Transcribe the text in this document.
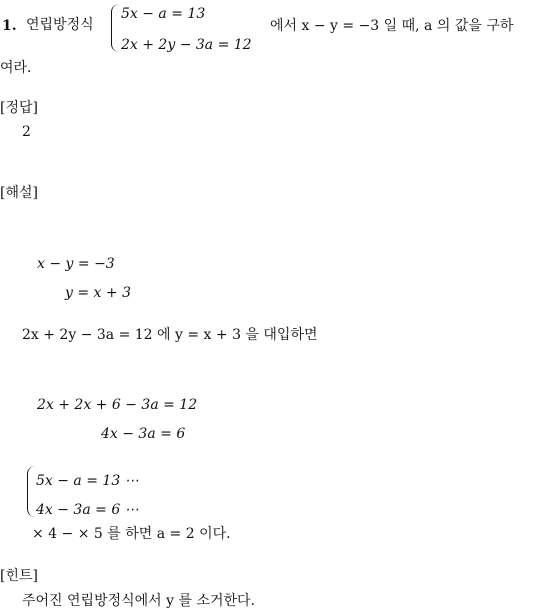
1. 연립방정식
5x − a = 13
2x + 2y − 3a = 12
에서 x − y = −3 일 때, a 의 값을 구하
여라.
[정답]
2
[해설]
x − y = −3
y = x + 3
2x + 2y − 3a = 12 에 y = x + 3 을 대입하면
2x + 2x + 6 − 3a = 12
4x − 3a = 6
5x − a = 13 ⋯
4x − 3a = 6 ⋯
× 4 − × 5 를 하면 a = 2 이다.
[힌트]
주어진 연립방정식에서 y 를 소거한다.
